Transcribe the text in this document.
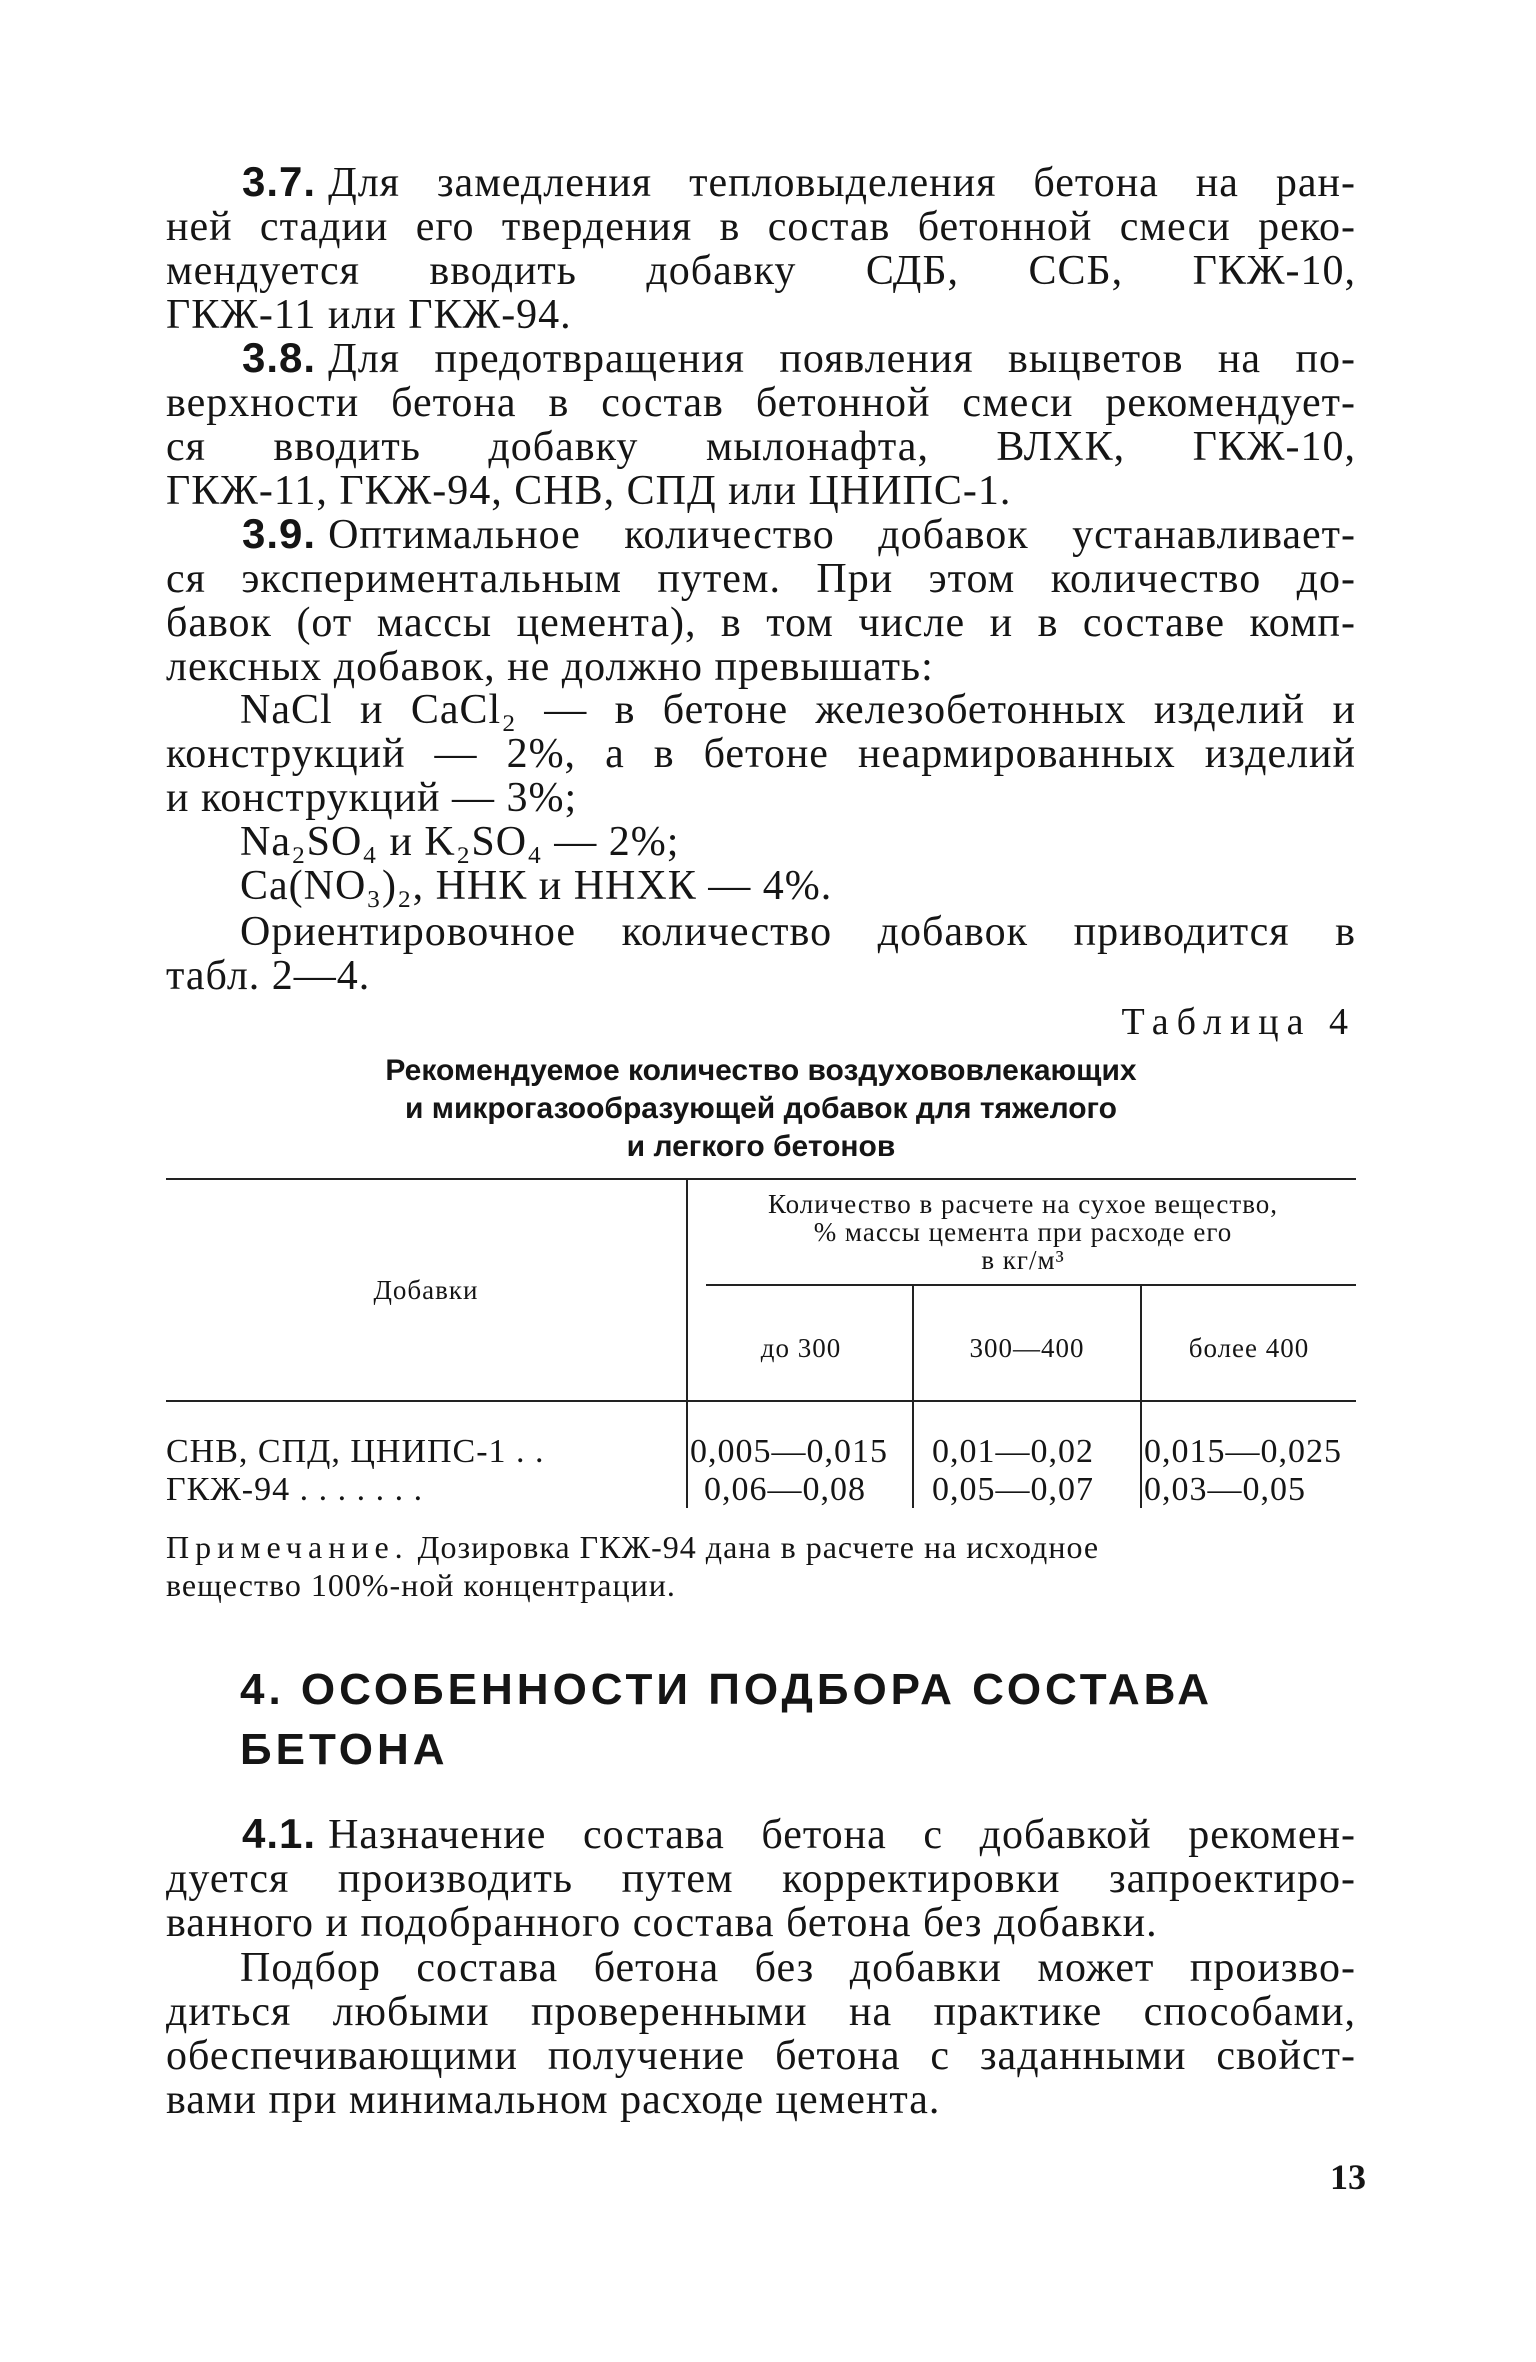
3.7. Для замедления тепловыделения бетона на ран-
ней стадии его твердения в состав бетонной смеси реко-
мендуется вводить добавку СДБ, ССБ, ГКЖ-10,
ГКЖ-11 или ГКЖ-94.
3.8. Для предотвращения появления выцветов на по-
верхности бетона в состав бетонной смеси рекомендует-
ся вводить добавку мылонафта, ВЛХК, ГКЖ-10,
ГКЖ-11, ГКЖ-94, СНВ, СПД или ЦНИПС-1.
3.9. Оптимальное количество добавок устанавливает-
ся экспериментальным путем. При этом количество до-
бавок (от массы цемента), в том числе и в составе комп-
лексных добавок, не должно превышать:
NaCl и CaCl₂ — в бетоне железобетонных изделий и
конструкций — 2%, а в бетоне неармированных изделий
и конструкций — 3%;
Na₂SO₄ и K₂SO₄ — 2%;
Ca(NO₃)₂, ННК и ННХК — 4%.
Ориентировочное количество добавок приводится в
табл. 2—4.
Таблица 4
Рекомендуемое количество воздухововлекающих
и микрогазообразующей добавок для тяжелого
и легкого бетонов
Добавки
Количество в расчете на сухое вещество,
% массы цемента при расходе его
в кг/м³
до 300	300—400	более 400
СНВ, СПД, ЦНИПС-1 . .	0,005—0,015 0,01—0,02 0,015—0,025
ГКЖ-94 . . . . . . .	0,06—0,08 0,05—0,07 0,03—0,05
Примечание. Дозировка ГКЖ-94 дана в расчете на исходное
вещество 100%-ной концентрации.
4. ОСОБЕННОСТИ ПОДБОРА СОСТАВА
БЕТОНА
4.1. Назначение состава бетона с добавкой рекомен-
дуется производить путем корректировки запроектиро-
ванного и подобранного состава бетона без добавки.
Подбор состава бетона без добавки может произво-
диться любыми проверенными на практике способами,
обеспечивающими получение бетона с заданными свойст-
вами при минимальном расходе цемента.
13
